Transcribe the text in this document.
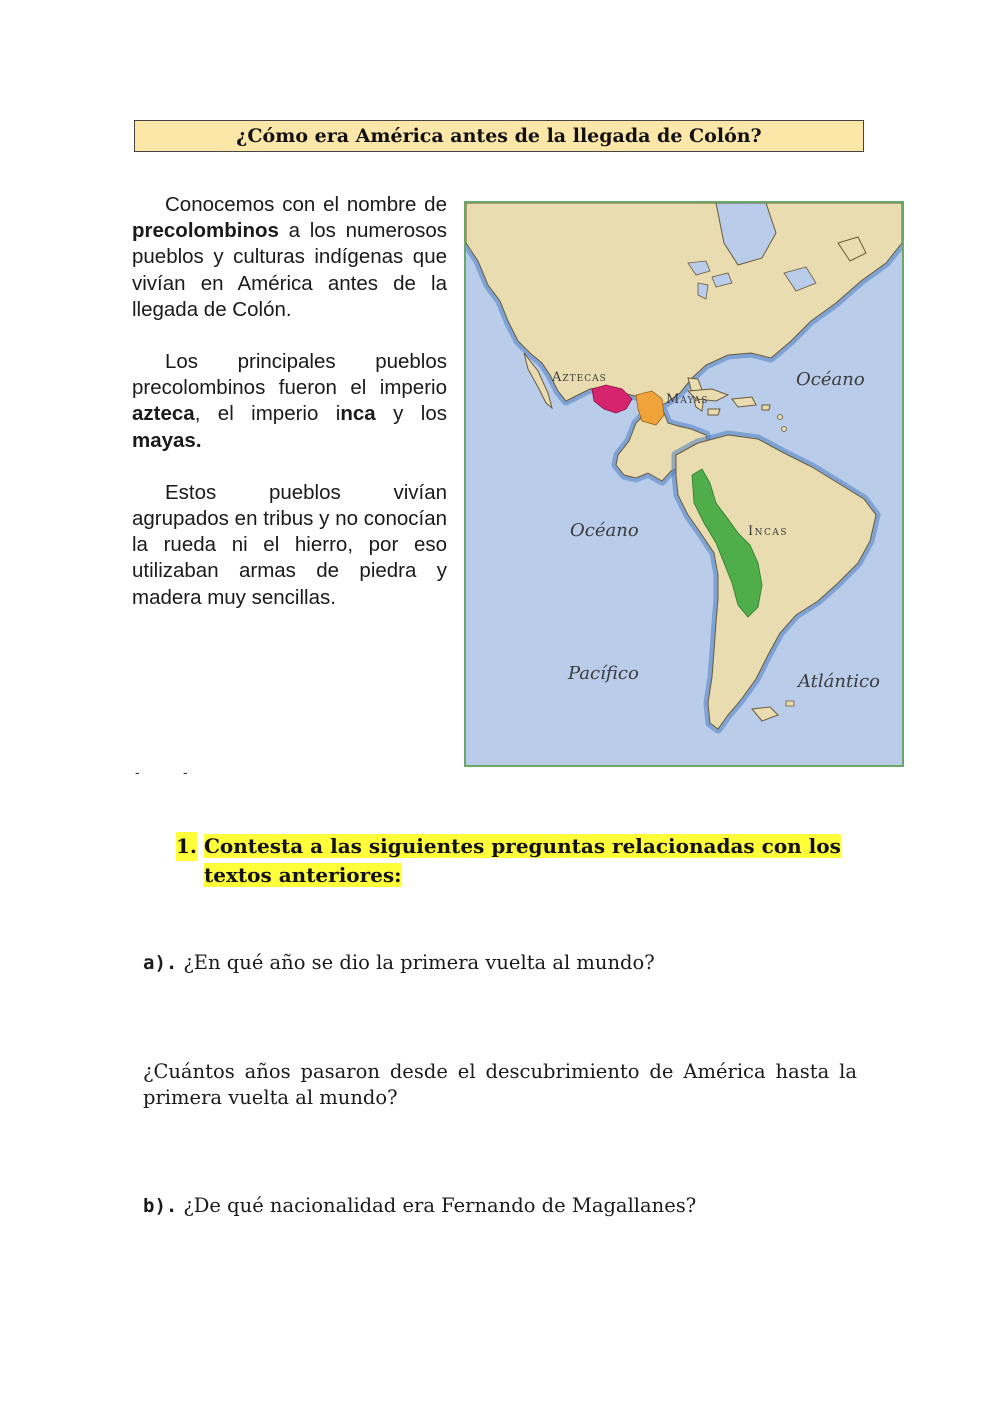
¿Cómo era América antes de la llegada de Colón?

Conocemos con el nombre de precolombinos a los numerosos pueblos y culturas indígenas que vivían en América antes de la llegada de Colón.

Los principales pueblos precolombinos fueron el imperio azteca, el imperio inca y los mayas.

Estos pueblos vivían agrupados en tribus y no conocían la rueda ni el hierro, por eso utilizaban armas de piedra y madera muy sencillas.

-	-
Aztecas
Mayas
Incas
Océano
Océano
Pacífico	Atlántico
1. Contesta a las siguientes preguntas relacionadas con los textos anteriores:
a). ¿En qué año se dio la primera vuelta al mundo?
¿Cuántos años pasaron desde el descubrimiento de América hasta la primera vuelta al mundo?
b). ¿De qué nacionalidad era Fernando de Magallanes?
